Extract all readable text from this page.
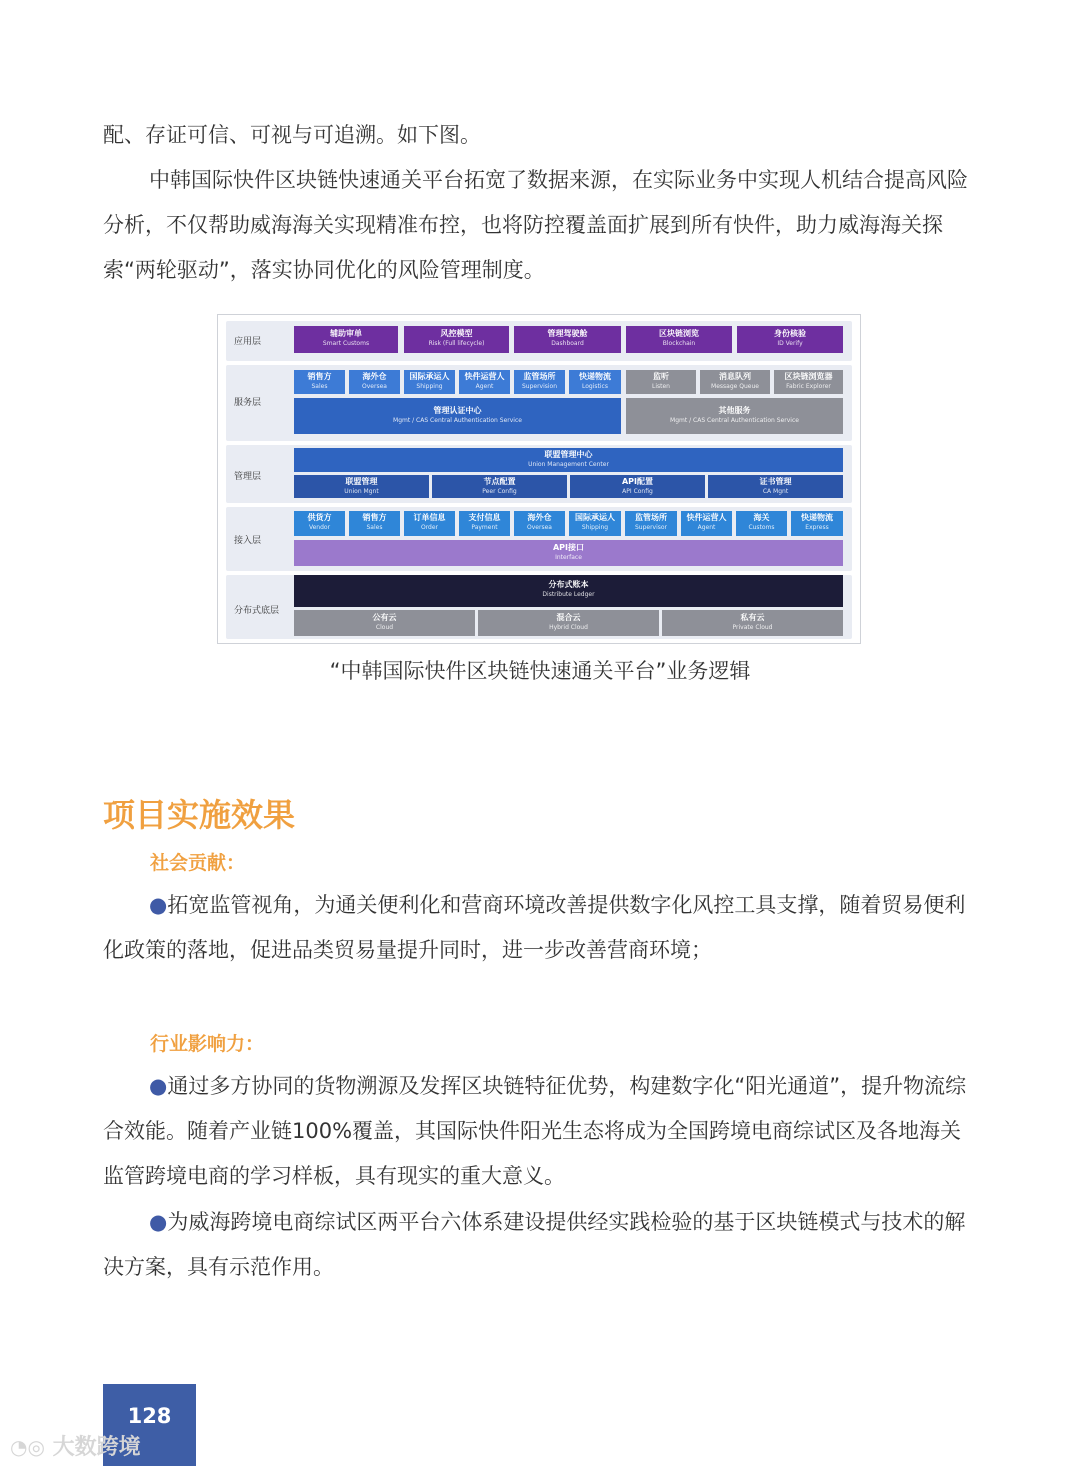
配、存证可信、可视与可追溯。如下图。

中韩国际快件区块链快速通关平台拓宽了数据来源，在实际业务中实现人机结合提高风险分析，不仅帮助威海海关实现精准布控，也将防控覆盖面扩展到所有快件，助力威海海关探索“两轮驱动”，落实协同优化的风险管理制度。

应用层
服务层
管理层
接入层
分布式底层
辅助审单
Smart Customs
风控模型
Risk (Full lifecycle)
管理驾驶舱
Dashboard
区块链浏览
Blockchain
身份核验
ID Verify
销售方
Sales
海外仓
Oversea
国际承运人
Shipping
快件运营人
Agent
监管场所
Supervision
快递物流
Logistics
监听
Listen
消息队列
Message Queue
区块链浏览器
Fabric Explorer
管理认证中心
Mgmt / CAS Central Authentication Service
其他服务
Mgmt / CAS Central Authentication Service
联盟管理中心
Union Management Center
联盟管理
Union Mgnt
节点配置
Peer Config
API配置
API Config
证书管理
CA Mgnt
供货方
Vendor
销售方
Sales
订单信息
Order
支付信息
Payment
海外仓
Oversea
国际承运人
Shipping
监管场所
Supervisor
快件运营人
Agent
海关
Customs
快递物流
Express
API接口
Interface
分布式账本
Distribute Ledger
公有云
Cloud
混合云
Hybrid Cloud
私有云
Private Cloud
“中韩国际快件区块链快速通关平台”业务逻辑
项目实施效果
社会贡献：

●拓宽监管视角，为通关便利化和营商环境改善提供数字化风控工具支撑，随着贸易便利化政策的落地，促进品类贸易量提升同时，进一步改善营商环境；

行业影响力：

●通过多方协同的货物溯源及发挥区块链特征优势，构建数字化“阳光通道”，提升物流综合效能。随着产业链100%覆盖，其国际快件阳光生态将成为全国跨境电商综试区及各地海关监管跨境电商的学习样板，具有现实的重大意义。

●为威海跨境电商综试区两平台六体系建设提供经实践检验的基于区块链模式与技术的解决方案，具有示范作用。

128
◔◎ 大数跨境
